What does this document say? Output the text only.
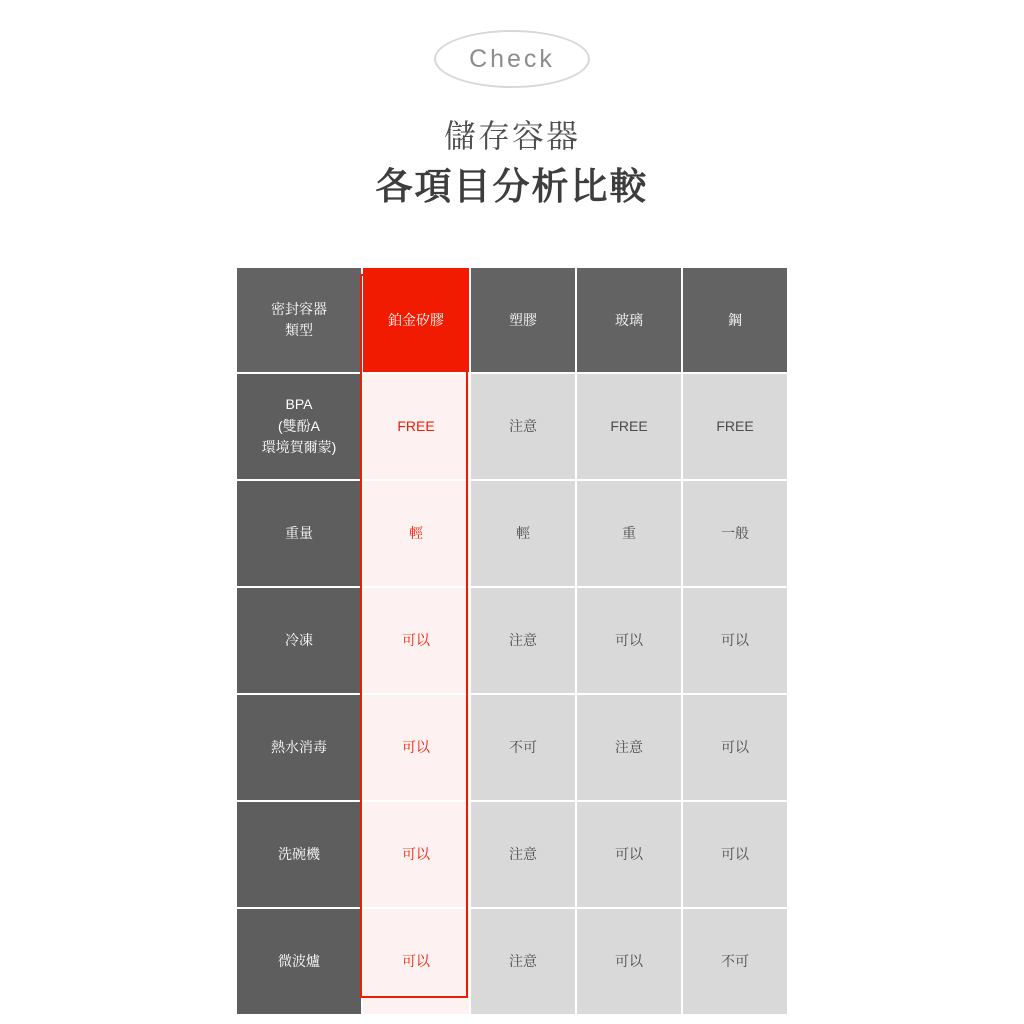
Check
儲存容器
各項目分析比較
密封容器
類型	鉑金矽膠	塑膠	玻璃	鋼

BPA
(雙酚A
環境賀爾蒙)	FREE	注意	FREE	FREE

重量	輕	輕	重	一般

冷凍	可以	注意	可以	可以

熱水消毒	可以	不可	注意	可以

洗碗機	可以	注意	可以	可以

微波爐	可以	注意	可以	不可
